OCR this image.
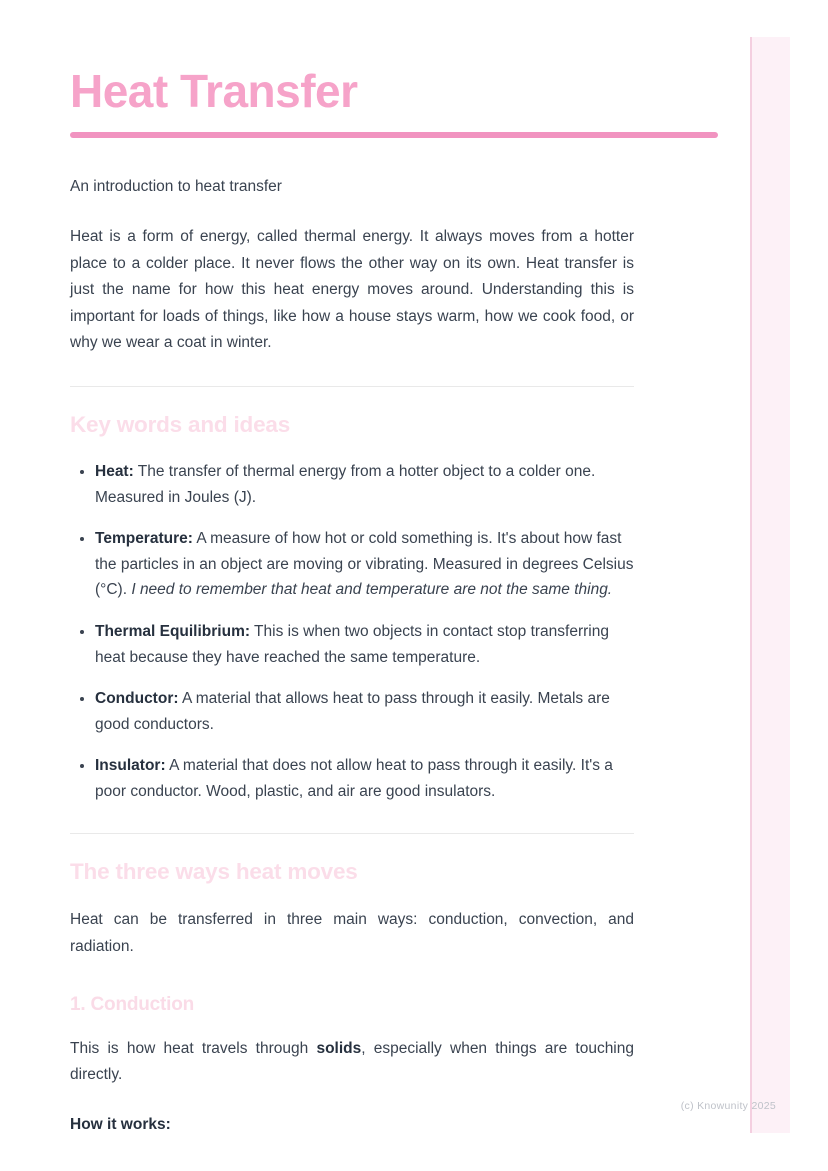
Heat Transfer

An introduction to heat transfer

Heat is a form of energy, called thermal energy. It always moves from a hotter place to a colder place. It never flows the other way on its own. Heat transfer is just the name for how this heat energy moves around. Understanding this is important for loads of things, like how a house stays warm, how we cook food, or why we wear a coat in winter.

Key words and ideas
• Heat: The transfer of thermal energy from a hotter object to a colder one. Measured in Joules (J).
• Temperature: A measure of how hot or cold something is. It's about how fast the particles in an object are moving or vibrating. Measured in degrees Celsius (°C). I need to remember that heat and temperature are not the same thing.
• Thermal Equilibrium: This is when two objects in contact stop transferring heat because they have reached the same temperature.
• Conductor: A material that allows heat to pass through it easily. Metals are good conductors.
• Insulator: A material that does not allow heat to pass through it easily. It's a poor conductor. Wood, plastic, and air are good insulators.
The three ways heat moves

Heat can be transferred in three main ways: conduction, convection, and radiation.

1. Conduction

This is how heat travels through solids, especially when things are touching directly.

How it works:

(c) Knowunity 2025
